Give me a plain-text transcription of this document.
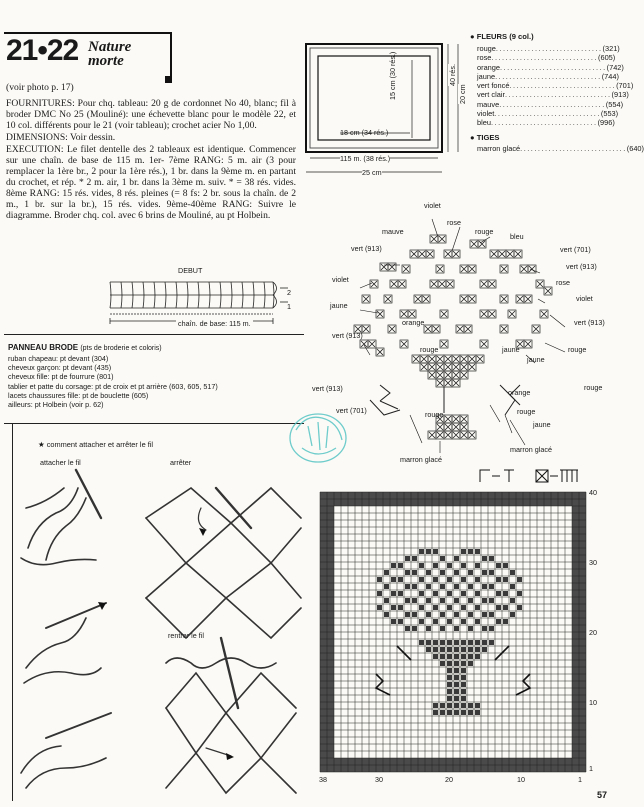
21•22 Nature
morte

(voir photo p. 17)

FOURNITURES: Pour chq. tableau: 20 g de cordonnet No 40, blanc; fil à broder DMC No 25 (Mouliné): une échevette blanc pour le modèle 22, et 10 col. différents pour le 21 (voir tableau); crochet acier No 1,00.

DIMENSIONS: Voir dessin.

EXECUTION: Le filet dentelle des 2 tableaux est identique. Commencer sur une chaîn. de base de 115 m. 1er- 7ème RANG: 5 m. air (3 pour remplacer la 1ère br., 2 pour la 1ère rés.), 1 br. dans la 9ème m. en partant du crochet, et rép. * 2 m. air, 1 br. dans la 3ème m. suiv. * = 38 rés. vides. 8ème RANG: 15 rés. vides, 8 rés. pleines (= 8 fs: 2 br. sous la chaîn. de 2 m., 1 br. sur la br.), 15 rés. vides. 9ème-40ème RANG: Suivre le diagramme. Broder chq. col. avec 6 brins de Mouliné, au pt Holbein.

DEBUT
2
1
chaîn. de base: 115 m.
PANNEAU BRODE (pts de broderie et coloris)
ruban chapeau: pt devant (304)
cheveux garçon: pt devant (435)
cheveux fille: pt de fourrure (801)
tablier et patte du corsage: pt de croix et pt arrière (603, 605, 517)
lacets chaussures fille: pt de bouclette (605)
ailleurs: pt Holbein (voir p. 62)
★ comment attacher et arrêter le fil
attacher le fil	arrêter
rentrer le fil
15 cm (30 rés.)	40 rés.
20 cm
18 cm (34 rés.)
115 m. (38 rés.)
25 cm
● FLEURS (9 col.)
rouge .............................. (321)
rose .............................. (605)
orange .............................. (742)
jaune .............................. (744)
vert foncé .............................. (701)
vert clair .............................. (913)
mauve .............................. (554)
violet .............................. (553)
bleu .............................. (996)
● TIGES
marron glacé .............................. (640)
violet
rose
mauve	rouge
bleu
vert (913)	vert (701)
vert (913)
violet	rose
jaune
violet
orange
vert (913)
vert (913)
rouge	jaune	rouge
jaune
vert (913)	rouge
vert (701)	rouge
orange
rouge
jaune
marron glacé
marron glacé
40
30
20
10
1
38	30	20	10	1
57
